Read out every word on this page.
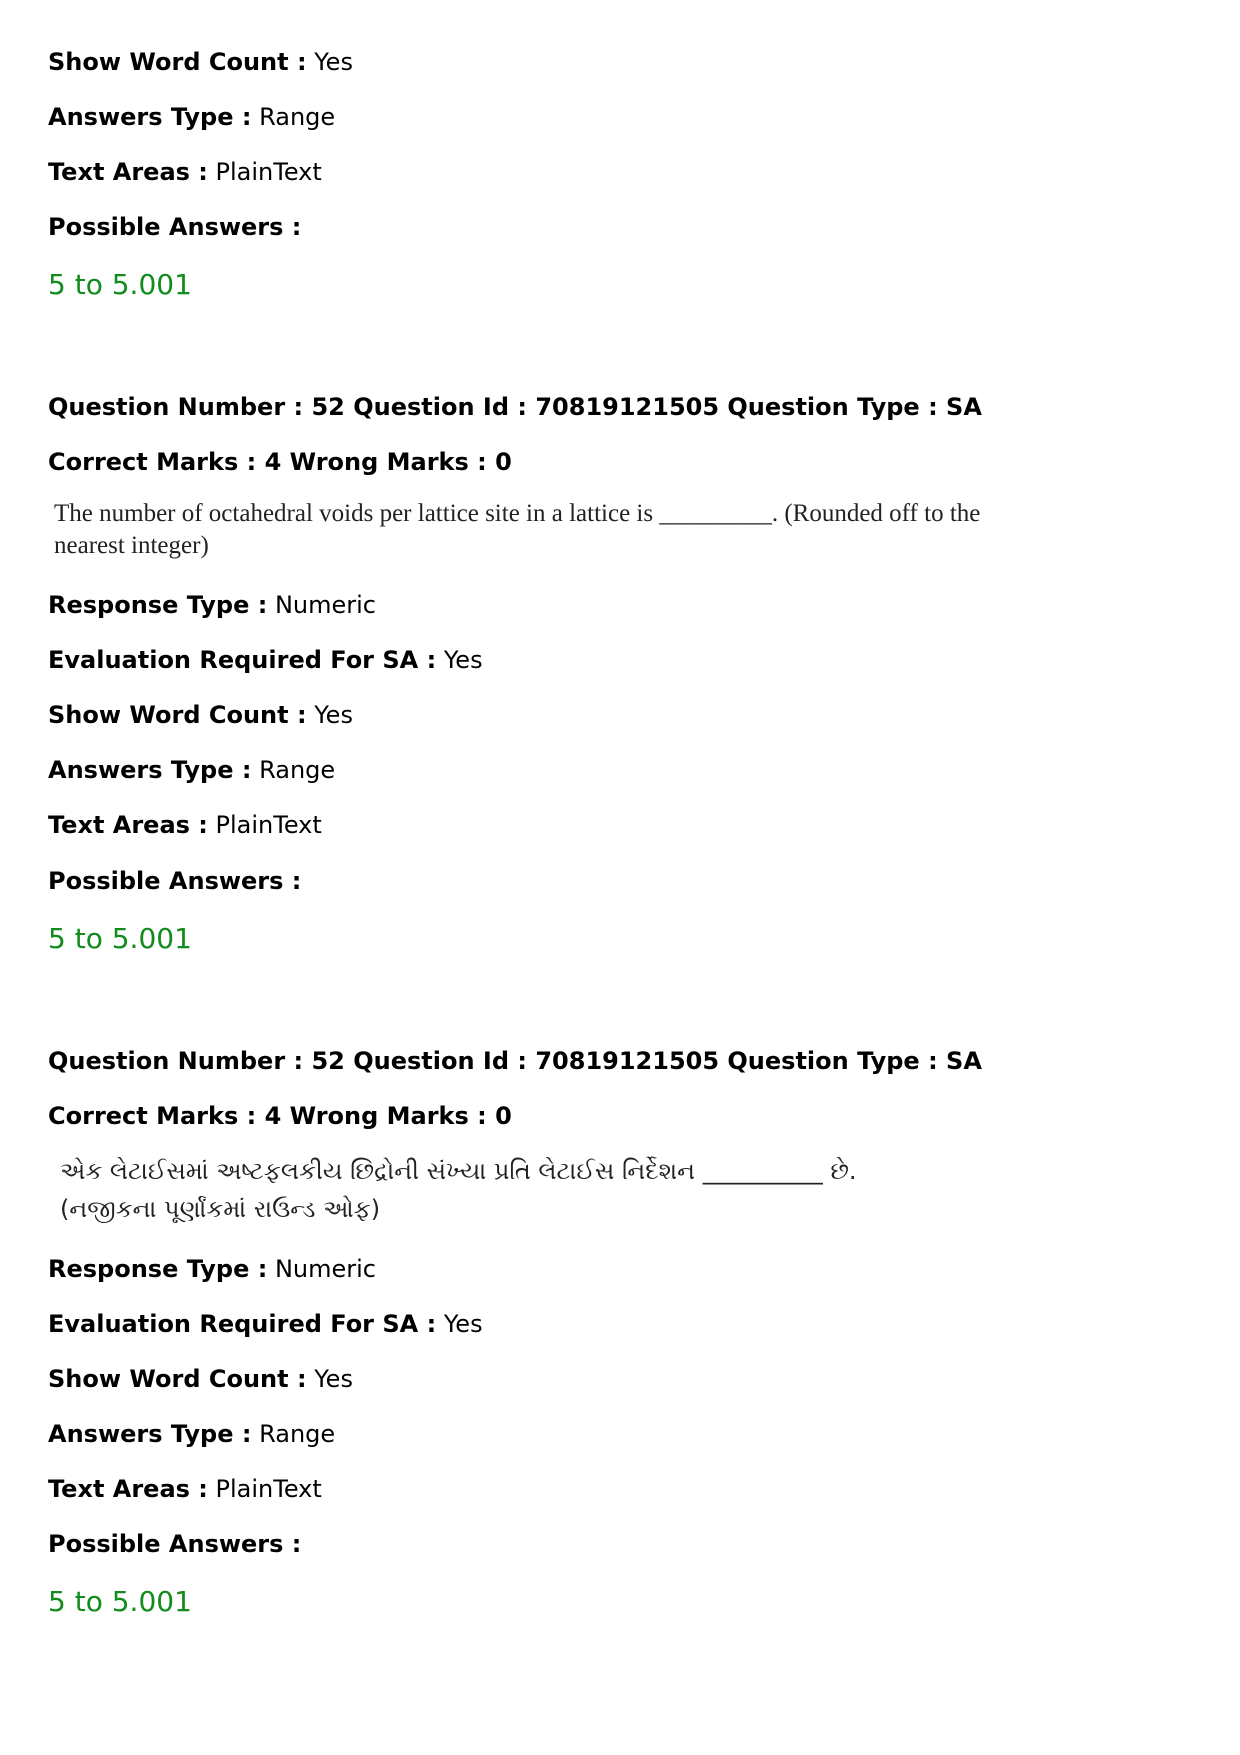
Show Word Count : Yes
Answers Type : Range
Text Areas : PlainText
Possible Answers :
5 to 5.001
Question Number : 52 Question Id : 70819121505 Question Type : SA
Correct Marks : 4 Wrong Marks : 0
The number of octahedral voids per lattice site in a lattice is _________. (Rounded off to the
nearest integer)
Response Type : Numeric
Evaluation Required For SA : Yes
Show Word Count : Yes
Answers Type : Range
Text Areas : PlainText
Possible Answers :
5 to 5.001
Question Number : 52 Question Id : 70819121505 Question Type : SA
Correct Marks : 4 Wrong Marks : 0
એક લેટાઈસમાં અષ્ટફલકીય છિદ્રોની સંખ્યા પ્રતિ લેટાઈસ નિર્દેશન __________ છે.
(નજીકના પૂર્ણાંકમાં રાઉન્ડ ઓફ)
Response Type : Numeric
Evaluation Required For SA : Yes
Show Word Count : Yes
Answers Type : Range
Text Areas : PlainText
Possible Answers :
5 to 5.001
